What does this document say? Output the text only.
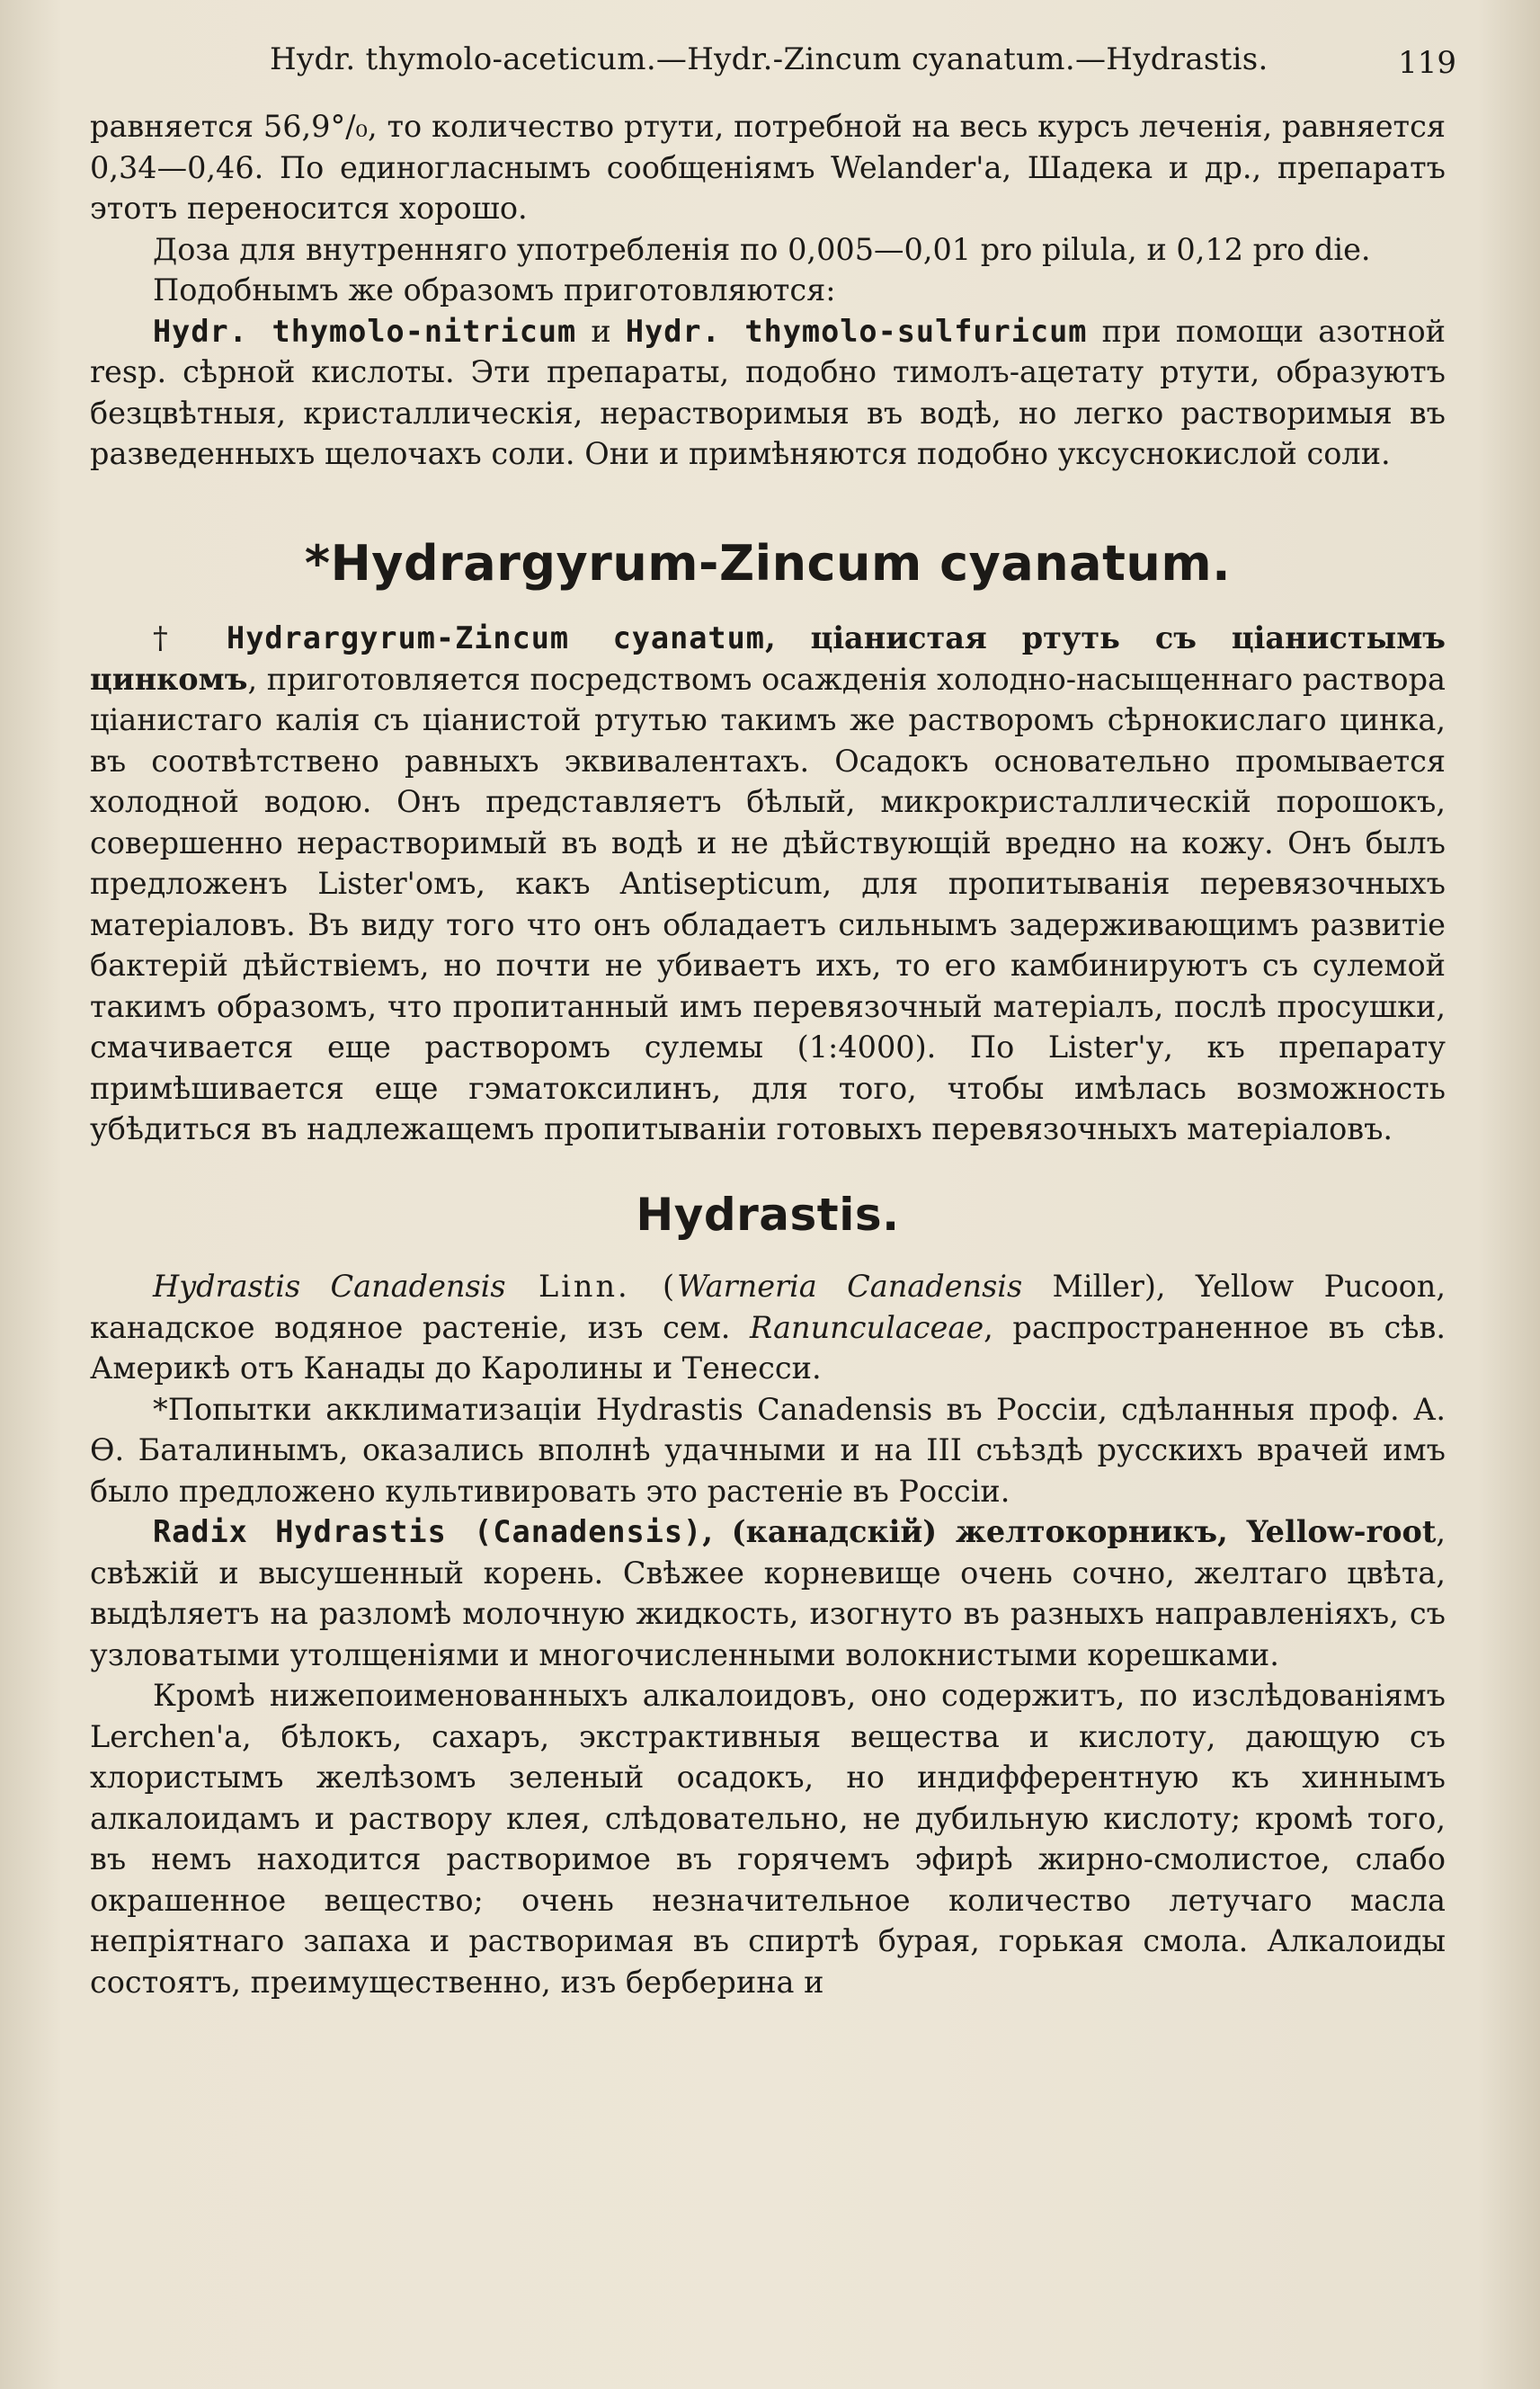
Hydr. thymolo-aceticum.—Hydr.-Zincum cyanatum.—Hydrastis.	119

равняется 56,9°/₀, то количество ртути, потребной на весь курсъ леченія, равняется 0,34—0,46. По единогласнымъ сообщеніямъ Welander'a, Шадека и др., препаратъ этотъ переносится хорошо.

Доза для внутренняго употребленія по 0,005—0,01 pro pilula, и 0,12 pro die.

Подобнымъ же образомъ приготовляются:

Hydr. thymolo-nitricum и Hydr. thymolo-sulfuricum при помощи азотной resp. сѣрной кислоты. Эти препараты, подобно тимолъ-ацетату ртути, образуютъ безцвѣтныя, кристаллическія, нерастворимыя въ водѣ, но легко растворимыя въ разведенныхъ щелочахъ соли. Они и примѣняются подобно уксуснокислой соли.

*Hydrargyrum-Zincum cyanatum.

† Hydrargyrum-Zincum cyanatum, ціанистая ртуть съ ціанистымъ цинкомъ, приготовляется посредствомъ осажденія холодно-насыщеннаго раствора ціанистаго калія съ ціанистой ртутью такимъ же растворомъ сѣрнокислаго цинка, въ соотвѣтствено равныхъ эквивалентахъ. Осадокъ основательно промывается холодной водою. Онъ представляетъ бѣлый, микрокристаллическій порошокъ, совершенно нерастворимый въ водѣ и не дѣйствующій вредно на кожу. Онъ былъ предложенъ Lister'омъ, какъ Antisepticum, для пропитыванія перевязочныхъ матеріаловъ. Въ виду того что онъ обладаетъ сильнымъ задерживающимъ развитіе бактерій дѣйствіемъ, но почти не убиваетъ ихъ, то его камбинируютъ съ сулемой такимъ образомъ, что пропитанный имъ перевязочный матеріалъ, послѣ просушки, смачивается еще растворомъ сулемы (1:4000). По Lister'у, къ препарату примѣшивается еще гэматоксилинъ, для того, чтобы имѣлась возможность убѣдиться въ надлежащемъ пропитываніи готовыхъ перевязочныхъ матеріаловъ.

Hydrastis.

Hydrastis Canadensis Linn. (Warneria Canadensis Miller), Yellow Pucoon, канадское водяное растеніе, изъ сем. Ranunculaceae, распространенное въ сѣв. Америкѣ отъ Канады до Каролины и Тенесси.

*Попытки акклиматизаціи Hydrastis Canadensis въ Россіи, сдѣланныя проф. А. Ѳ. Баталинымъ, оказались вполнѣ удачными и на III съѣздѣ русскихъ врачей имъ было предложено культивировать это растеніе въ Россіи.

Radix Hydrastis (Canadensis), (канадскій) желтокорникъ, Yellow-root, свѣжій и высушенный корень. Свѣжее корневище очень сочно, желтаго цвѣта, выдѣляетъ на разломѣ молочную жидкость, изогнуто въ разныхъ направленіяхъ, съ узловатыми утолщеніями и многочисленными волокнистыми корешками.

Кромѣ нижепоименованныхъ алкалоидовъ, оно содержитъ, по изслѣдованіямъ Lerchen'a, бѣлокъ, сахаръ, экстрактивныя вещества и кислоту, дающую съ хлористымъ желѣзомъ зеленый осадокъ, но индифферентную къ хиннымъ алкалоидамъ и раствору клея, слѣдовательно, не дубильную кислоту; кромѣ того, въ немъ находится растворимое въ горячемъ эфирѣ жирно-смолистое, слабо окрашенное вещество; очень незначительное количество летучаго масла непріятнаго запаха и растворимая въ спиртѣ бурая, горькая смола. Алкалоиды состоятъ, преимущественно, изъ берберина и
